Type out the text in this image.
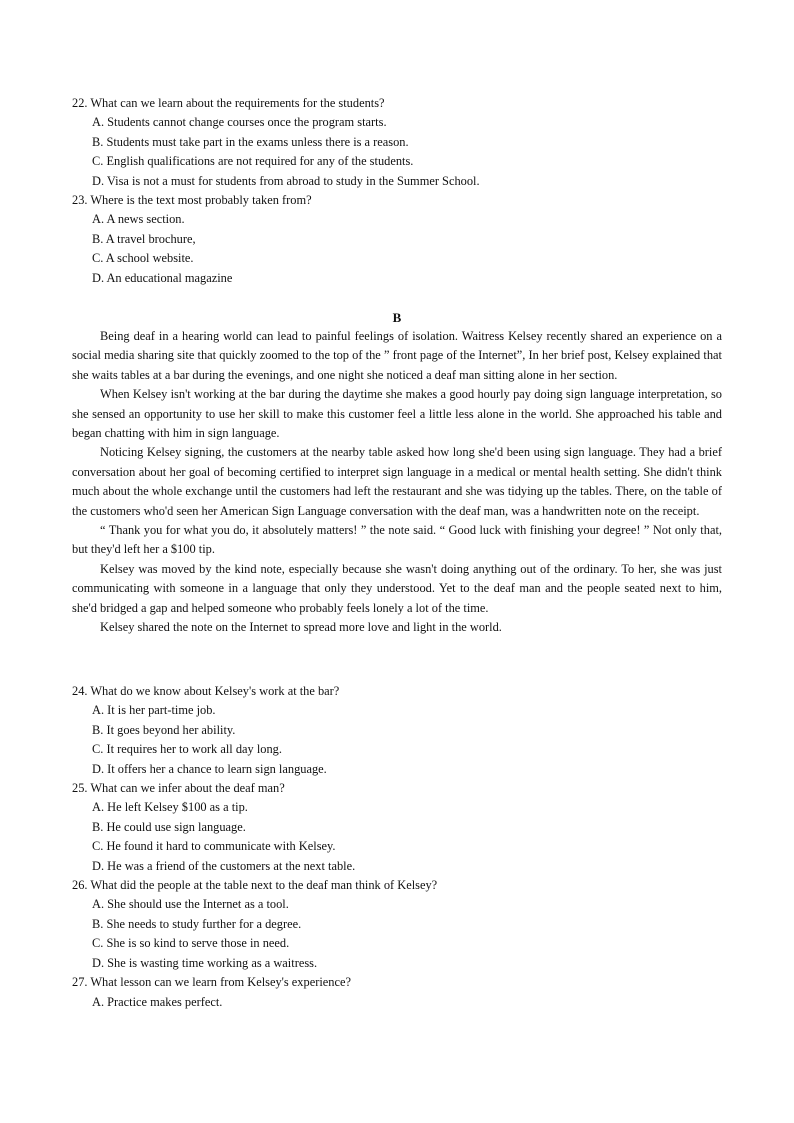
22. What can we learn about the requirements for the students?

A. Students cannot change courses once the program starts.

B. Students must take part in the exams unless there is a reason.

C. English qualifications are not required for any of the students.

D. Visa is not a must for students from abroad to study in the Summer School.

23. Where is the text most probably taken from?

A. A news section.

B. A travel brochure,

C. A school website.

D. An educational magazine

B

Being deaf in a hearing world can lead to painful feelings of isolation. Waitress Kelsey recently shared an experience on a social media sharing site that quickly zoomed to the top of the ” front page of the Internet”, In her brief post, Kelsey explained that she waits tables at a bar during the evenings, and one night she noticed a deaf man sitting alone in her section.

When Kelsey isn't working at the bar during the daytime she makes a good hourly pay doing sign language interpretation, so she sensed an opportunity to use her skill to make this customer feel a little less alone in the world. She approached his table and began chatting with him in sign language.

Noticing Kelsey signing, the customers at the nearby table asked how long she'd been using sign language. They had a brief conversation about her goal of becoming certified to interpret sign language in a medical or mental health setting. She didn't think much about the whole exchange until the customers had left the restaurant and she was tidying up the tables. There, on the table of the customers who'd seen her American Sign Language conversation with the deaf man, was a handwritten note on the receipt.

“ Thank you for what you do, it absolutely matters! ” the note said. “ Good luck with finishing your degree! ” Not only that, but they'd left her a $100 tip.

Kelsey was moved by the kind note, especially because she wasn't doing anything out of the ordinary. To her, she was just communicating with someone in a language that only they understood. Yet to the deaf man and the people seated next to him, she'd bridged a gap and helped someone who probably feels lonely a lot of the time.

Kelsey shared the note on the Internet to spread more love and light in the world.

24. What do we know about Kelsey's work at the bar?

A. It is her part-time job.

B. It goes beyond her ability.

C. It requires her to work all day long.

D. It offers her a chance to learn sign language.

25. What can we infer about the deaf man?

A. He left Kelsey $100 as a tip.

B. He could use sign language.

C. He found it hard to communicate with Kelsey.

D. He was a friend of the customers at the next table.

26. What did the people at the table next to the deaf man think of Kelsey?

A. She should use the Internet as a tool.

B. She needs to study further for a degree.

C. She is so kind to serve those in need.

D. She is wasting time working as a waitress.

27. What lesson can we learn from Kelsey's experience?

A. Practice makes perfect.
